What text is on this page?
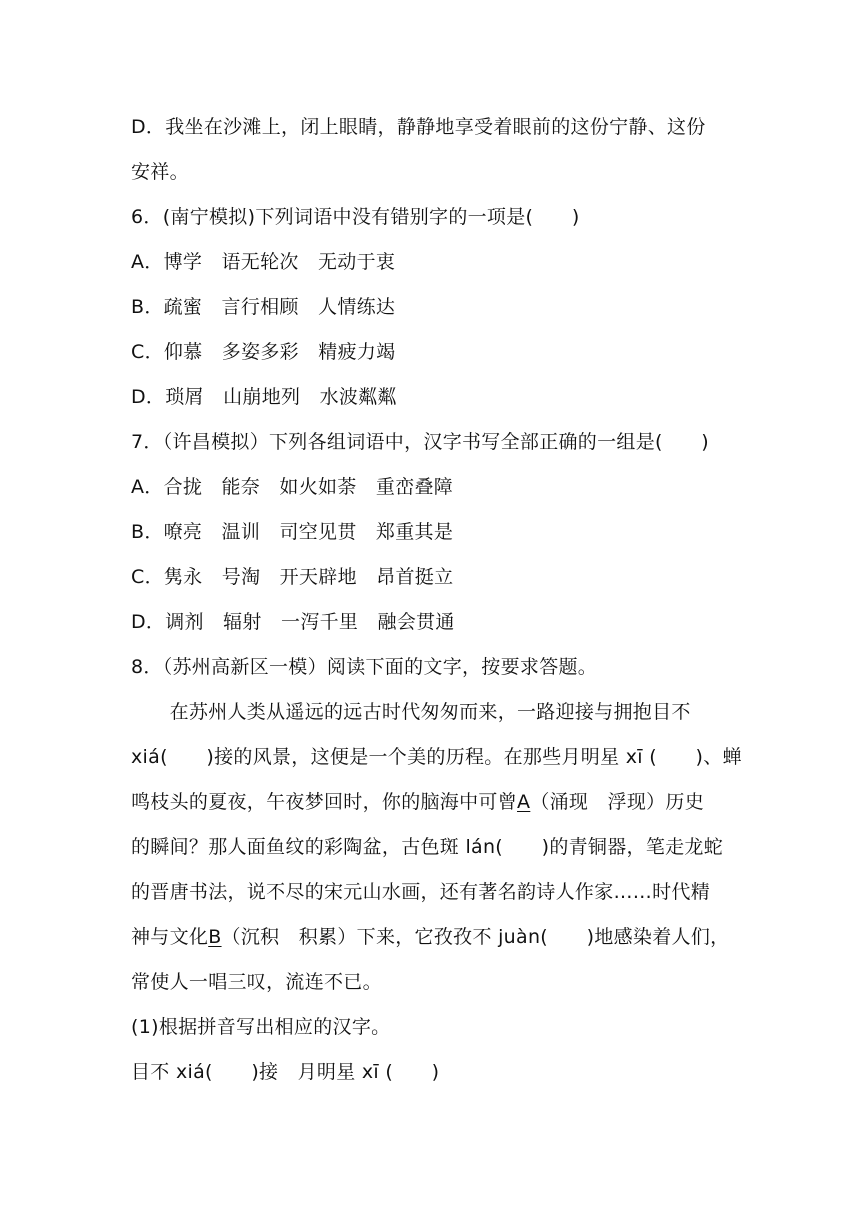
D．我坐在沙滩上，闭上眼睛，静静地享受着眼前的这份宁静、这份
安祥。
6．(南宁模拟)下列词语中没有错别字的一项是(　　)
A．博学　语无轮次　无动于衷
B．疏蜜　言行相顾　人情练达
C．仰慕　多姿多彩　精疲力竭
D．琐屑　山崩地列　水波粼粼
7．（许昌模拟）下列各组词语中，汉字书写全部正确的一组是(　　)
A．合拢　能奈　如火如荼　重峦叠障
B．嘹亮　温训　司空见贯　郑重其是
C．隽永　号淘　开天辟地　昂首挺立
D．调剂　辐射　一泻千里　融会贯通
8．（苏州高新区一模）阅读下面的文字，按要求答题。
　　在苏州人类从遥远的远古时代匆匆而来，一路迎接与拥抱目不
xiá(　　)接的风景，这便是一个美的历程。在那些月明星 xī (　　)、蝉
鸣枝头的夏夜，午夜梦回时，你的脑海中可曾A（涌现　浮现）历史
的瞬间？那人面鱼纹的彩陶盆，古色斑 lán(　　)的青铜器，笔走龙蛇
的晋唐书法，说不尽的宋元山水画，还有著名韵诗人作家……时代精
神与文化B（沉积　积累）下来，它孜孜不 juàn(　　)地感染着人们，
常使人一唱三叹，流连不已。
(1)根据拼音写出相应的汉字。
目不 xiá(　　)接　月明星 xī (　　)
